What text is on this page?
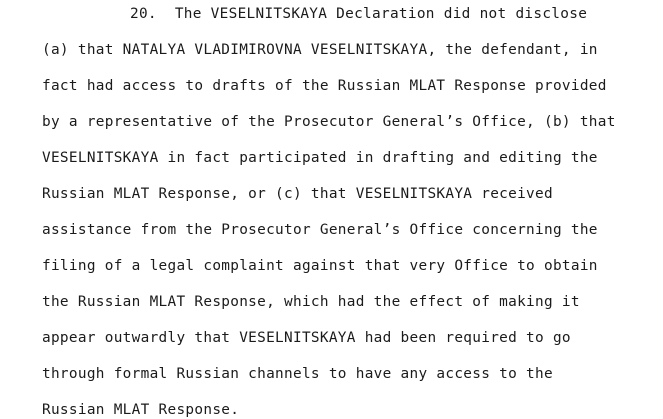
20.  The VESELNITSKAYA Declaration did not disclose
(a) that NATALYA VLADIMIROVNA VESELNITSKAYA, the defendant, in
fact had access to drafts of the Russian MLAT Response provided
by a representative of the Prosecutor General’s Office, (b) that
VESELNITSKAYA in fact participated in drafting and editing the
Russian MLAT Response, or (c) that VESELNITSKAYA received
assistance from the Prosecutor General’s Office concerning the
filing of a legal complaint against that very Office to obtain
the Russian MLAT Response, which had the effect of making it
appear outwardly that VESELNITSKAYA had been required to go
through formal Russian channels to have any access to the
Russian MLAT Response.
